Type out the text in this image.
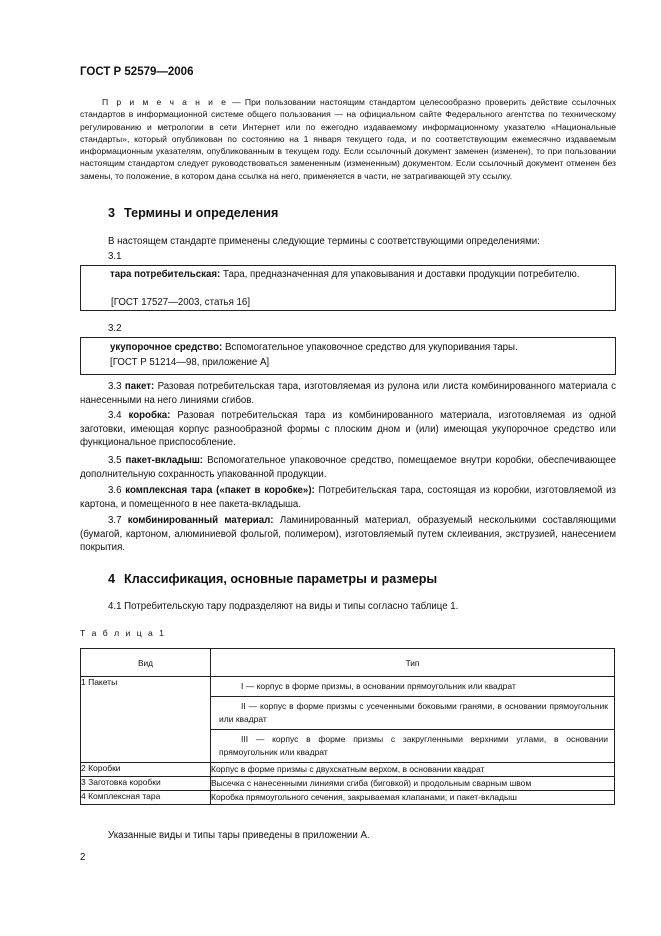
ГОСТ Р 52579—2006
П р и м е ч а н и е — При пользовании настоящим стандартом целесообразно проверить действие ссылочных стандартов в информационной системе общего пользования — на официальном сайте Федерального агентства по техническому регулированию и метрологии в сети Интернет или по ежегодно издаваемому информационному указателю «Национальные стандарты», который опубликован по состоянию на 1 января текущего года, и по соответствующим ежемесячно издаваемым информационным указателям, опубликованным в текущем году. Если ссылочный документ заменен (изменен), то при пользовании настоящим стандартом следует руководствоваться замененным (измененным) документом. Если ссылочный документ отменен без замены, то положение, в котором дана ссылка на него, применяется в части, не затрагивающей эту ссылку.
3 Термины и определения
В настоящем стандарте применены следующие термины с соответствующими определениями:
3.1
тара потребительская: Тара, предназначенная для упаковывания и доставки продукции потребителю.
[ГОСТ 17527—2003, статья 16]
3.2
укупорочное средство: Вспомогательное упаковочное средство для укупоривания тары.
[ГОСТ Р 51214—98, приложение А]
3.3 пакет: Разовая потребительская тара, изготовляемая из рулона или листа комбинированного материала с нанесенными на него линиями сгибов.
3.4 коробка: Разовая потребительская тара из комбинированного материала, изготовляемая из одной заготовки, имеющая корпус разнообразной формы с плоским дном и (или) имеющая укупорочное средство или функциональное приспособление.
3.5 пакет-вкладыш: Вспомогательное упаковочное средство, помещаемое внутри коробки, обеспечивающее дополнительную сохранность упакованной продукции.
3.6 комплексная тара («пакет в коробке»): Потребительская тара, состоящая из коробки, изготовляемой из картона, и помещенного в нее пакета-вкладыша.
3.7 комбинированный материал: Ламинированный материал, образуемый несколькими составляющими (бумагой, картоном, алюминиевой фольгой, полимером), изготовляемый путем склеивания, экструзией, нанесением покрытия.
4 Классификация, основные параметры и размеры
4.1 Потребительскую тару подразделяют на виды и типы согласно таблице 1.
Т а б л и ц а 1
Вид	Тип
1 Пакеты	I — корпус в форме призмы, в основании прямоугольник или квадрат
II — корпус в форме призмы с усеченными боковыми гранями, в основании прямоугольник или квадрат
III — корпус в форме призмы с закругленными верхними углами, в основании прямоугольник или квадрат

2 Коробки	Корпус в форме призмы с двухскатным верхом, в основании квадрат
3 Заготовка коробки	Высечка с нанесенными линиями сгиба (биговкой) и продольным сварным швом
4 Комплексная тара	Коробка прямоугольного сечения, закрываемая клапанами, и пакет-вкладыш
Указанные виды и типы тары приведены в приложении А.
2
